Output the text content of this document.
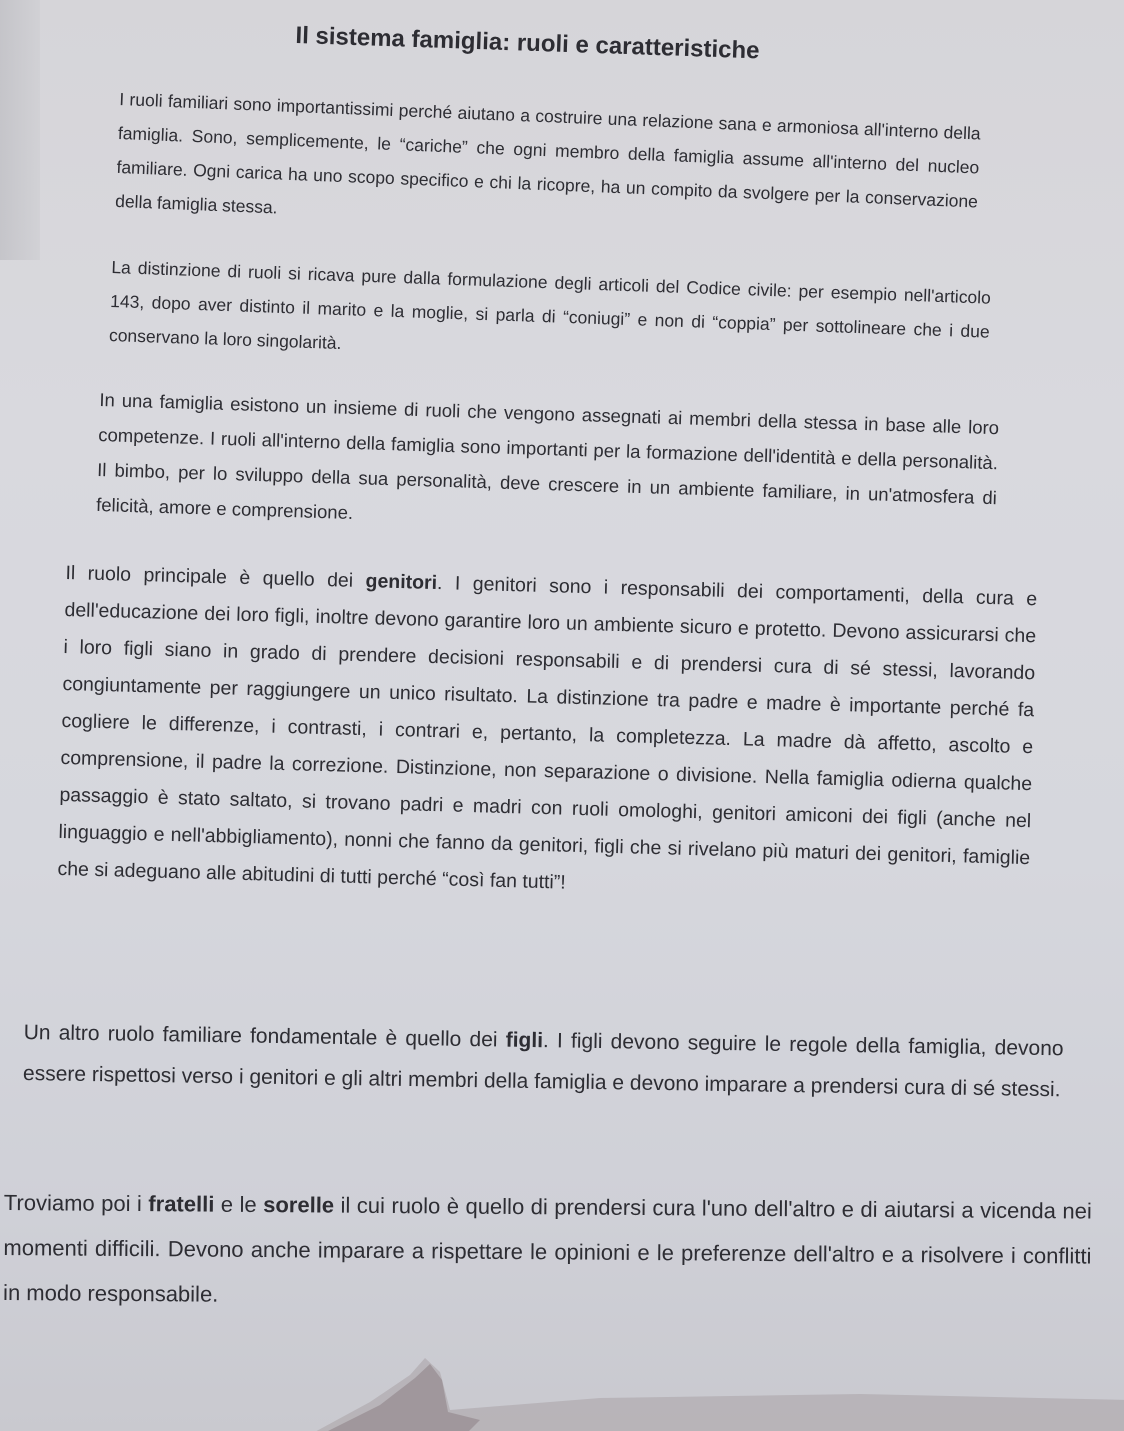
Il sistema famiglia: ruoli e caratteristiche

I ruoli familiari sono importantissimi perché aiutano a costruire una relazione sana e armoniosa all'interno della famiglia. Sono, semplicemente, le “cariche” che ogni membro della famiglia assume all'interno del nucleo familiare. Ogni carica ha uno scopo specifico e chi la ricopre, ha un compito da svolgere per la conservazione della famiglia stessa.

La distinzione di ruoli si ricava pure dalla formulazione degli articoli del Codice civile: per esempio nell'articolo 143, dopo aver distinto il marito e la moglie, si parla di “coniugi” e non di “coppia” per sottolineare che i due conservano la loro singolarità.

In una famiglia esistono un insieme di ruoli che vengono assegnati ai membri della stessa in base alle loro competenze. I ruoli all'interno della famiglia sono importanti per la formazione dell'identità e della personalità. Il bimbo, per lo sviluppo della sua personalità, deve crescere in un ambiente familiare, in un'atmosfera di felicità, amore e comprensione.

Il ruolo principale è quello dei genitori. I genitori sono i responsabili dei comportamenti, della cura e dell'educazione dei loro figli, inoltre devono garantire loro un ambiente sicuro e protetto. Devono assicurarsi che i loro figli siano in grado di prendere decisioni responsabili e di prendersi cura di sé stessi, lavorando congiuntamente per raggiungere un unico risultato. La distinzione tra padre e madre è importante perché fa cogliere le differenze, i contrasti, i contrari e, pertanto, la completezza. La madre dà affetto, ascolto e comprensione, il padre la correzione. Distinzione, non separazione o divisione. Nella famiglia odierna qualche passaggio è stato saltato, si trovano padri e madri con ruoli omologhi, genitori amiconi dei figli (anche nel linguaggio e nell'abbigliamento), nonni che fanno da genitori, figli che si rivelano più maturi dei genitori, famiglie che si adeguano alle abitudini di tutti perché “così fan tutti”!

Un altro ruolo familiare fondamentale è quello dei figli. I figli devono seguire le regole della famiglia, devono essere rispettosi verso i genitori e gli altri membri della famiglia e devono imparare a prendersi cura di sé stessi.

Troviamo poi i fratelli e le sorelle il cui ruolo è quello di prendersi cura l'uno dell'altro e di aiutarsi a vicenda nei momenti difficili. Devono anche imparare a rispettare le opinioni e le preferenze dell'altro e a risolvere i conflitti in modo responsabile.
